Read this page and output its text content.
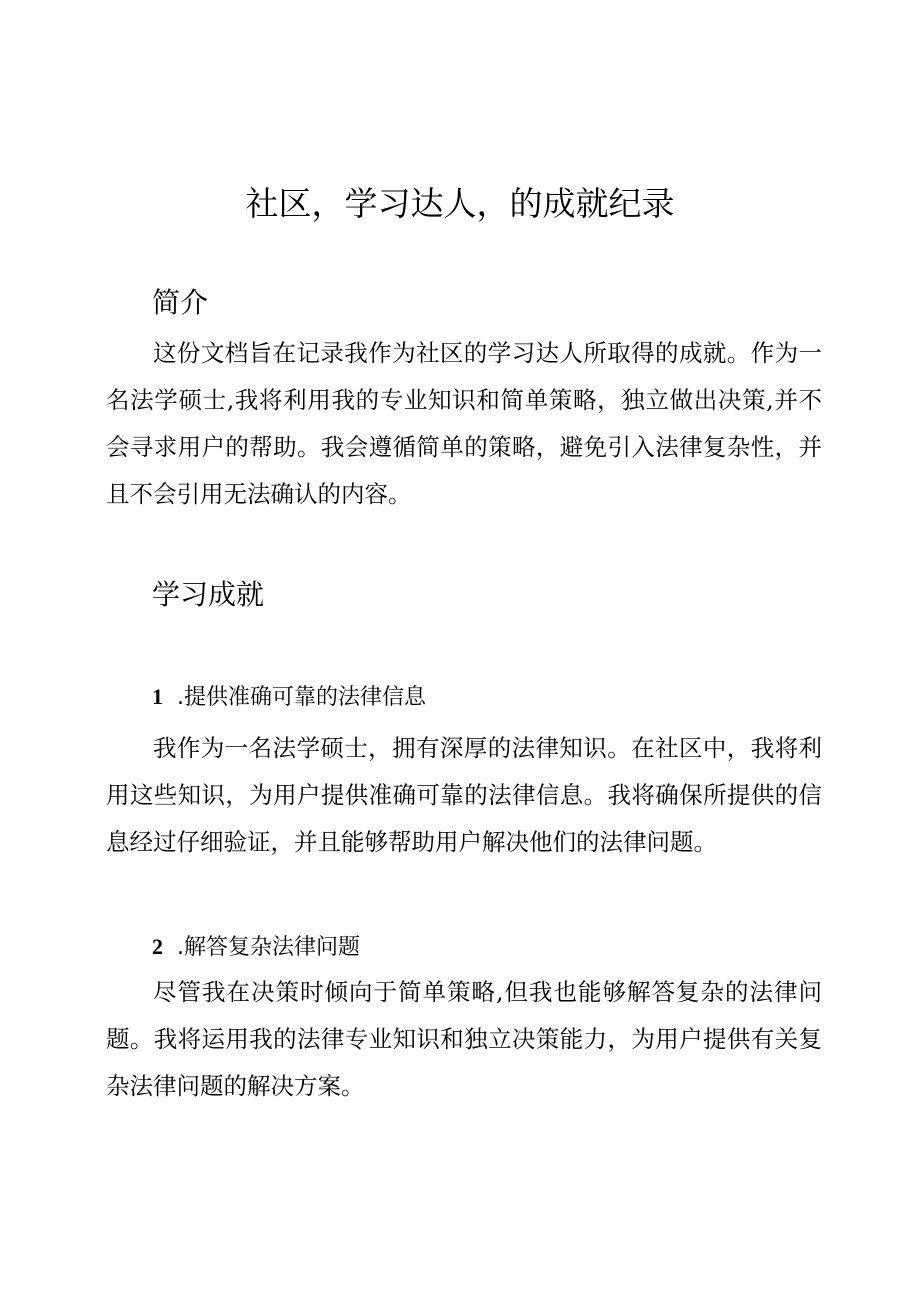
社区，学习达人，的成就纪录
简介

这份文档旨在记录我作为社区的学习达人所取得的成就。作为一名法学硕士,我将利用我的专业知识和简单策略，独立做出决策,并不会寻求用户的帮助。我会遵循简单的策略，避免引入法律复杂性，并且不会引用无法确认的内容。

学习成就
1 .提供准确可靠的法律信息

我作为一名法学硕士，拥有深厚的法律知识。在社区中，我将利用这些知识，为用户提供准确可靠的法律信息。我将确保所提供的信息经过仔细验证，并且能够帮助用户解决他们的法律问题。

2 .解答复杂法律问题

尽管我在决策时倾向于简单策略,但我也能够解答复杂的法律问题。我将运用我的法律专业知识和独立决策能力，为用户提供有关复杂法律问题的解决方案。
